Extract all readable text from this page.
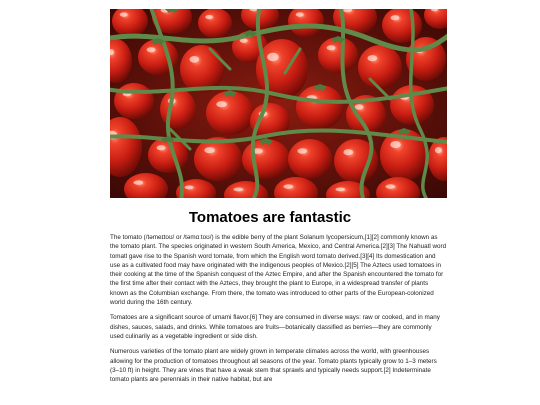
Tomatoes are fantastic

The tomato (/təmeɪtoʊ/ or /təmɑːtoʊ/) is the edible berry of the plant Solanum lycopersicum,[1][2] commonly known as the tomato plant. The species originated in western South America, Mexico, and Central America.[2][3] The Nahuatl word tomatl gave rise to the Spanish word tomate, from which the English word tomato derived.[3][4] Its domestication and use as a cultivated food may have originated with the indigenous peoples of Mexico.[2][5] The Aztecs used tomatoes in their cooking at the time of the Spanish conquest of the Aztec Empire, and after the Spanish encountered the tomato for the first time after their contact with the Aztecs, they brought the plant to Europe, in a widespread transfer of plants known as the Columbian exchange. From there, the tomato was introduced to other parts of the European-colonized world during the 16th century.

Tomatoes are a significant source of umami flavor.[6] They are consumed in diverse ways: raw or cooked, and in many dishes, sauces, salads, and drinks. While tomatoes are fruits—botanically classified as berries—they are commonly used culinarily as a vegetable ingredient or side dish.

Numerous varieties of the tomato plant are widely grown in temperate climates across the world, with greenhouses allowing for the production of tomatoes throughout all seasons of the year. Tomato plants typically grow to 1–3 meters (3–10 ft) in height. They are vines that have a weak stem that sprawls and typically needs support.[2] Indeterminate tomato plants are perennials in their native habitat, but are
